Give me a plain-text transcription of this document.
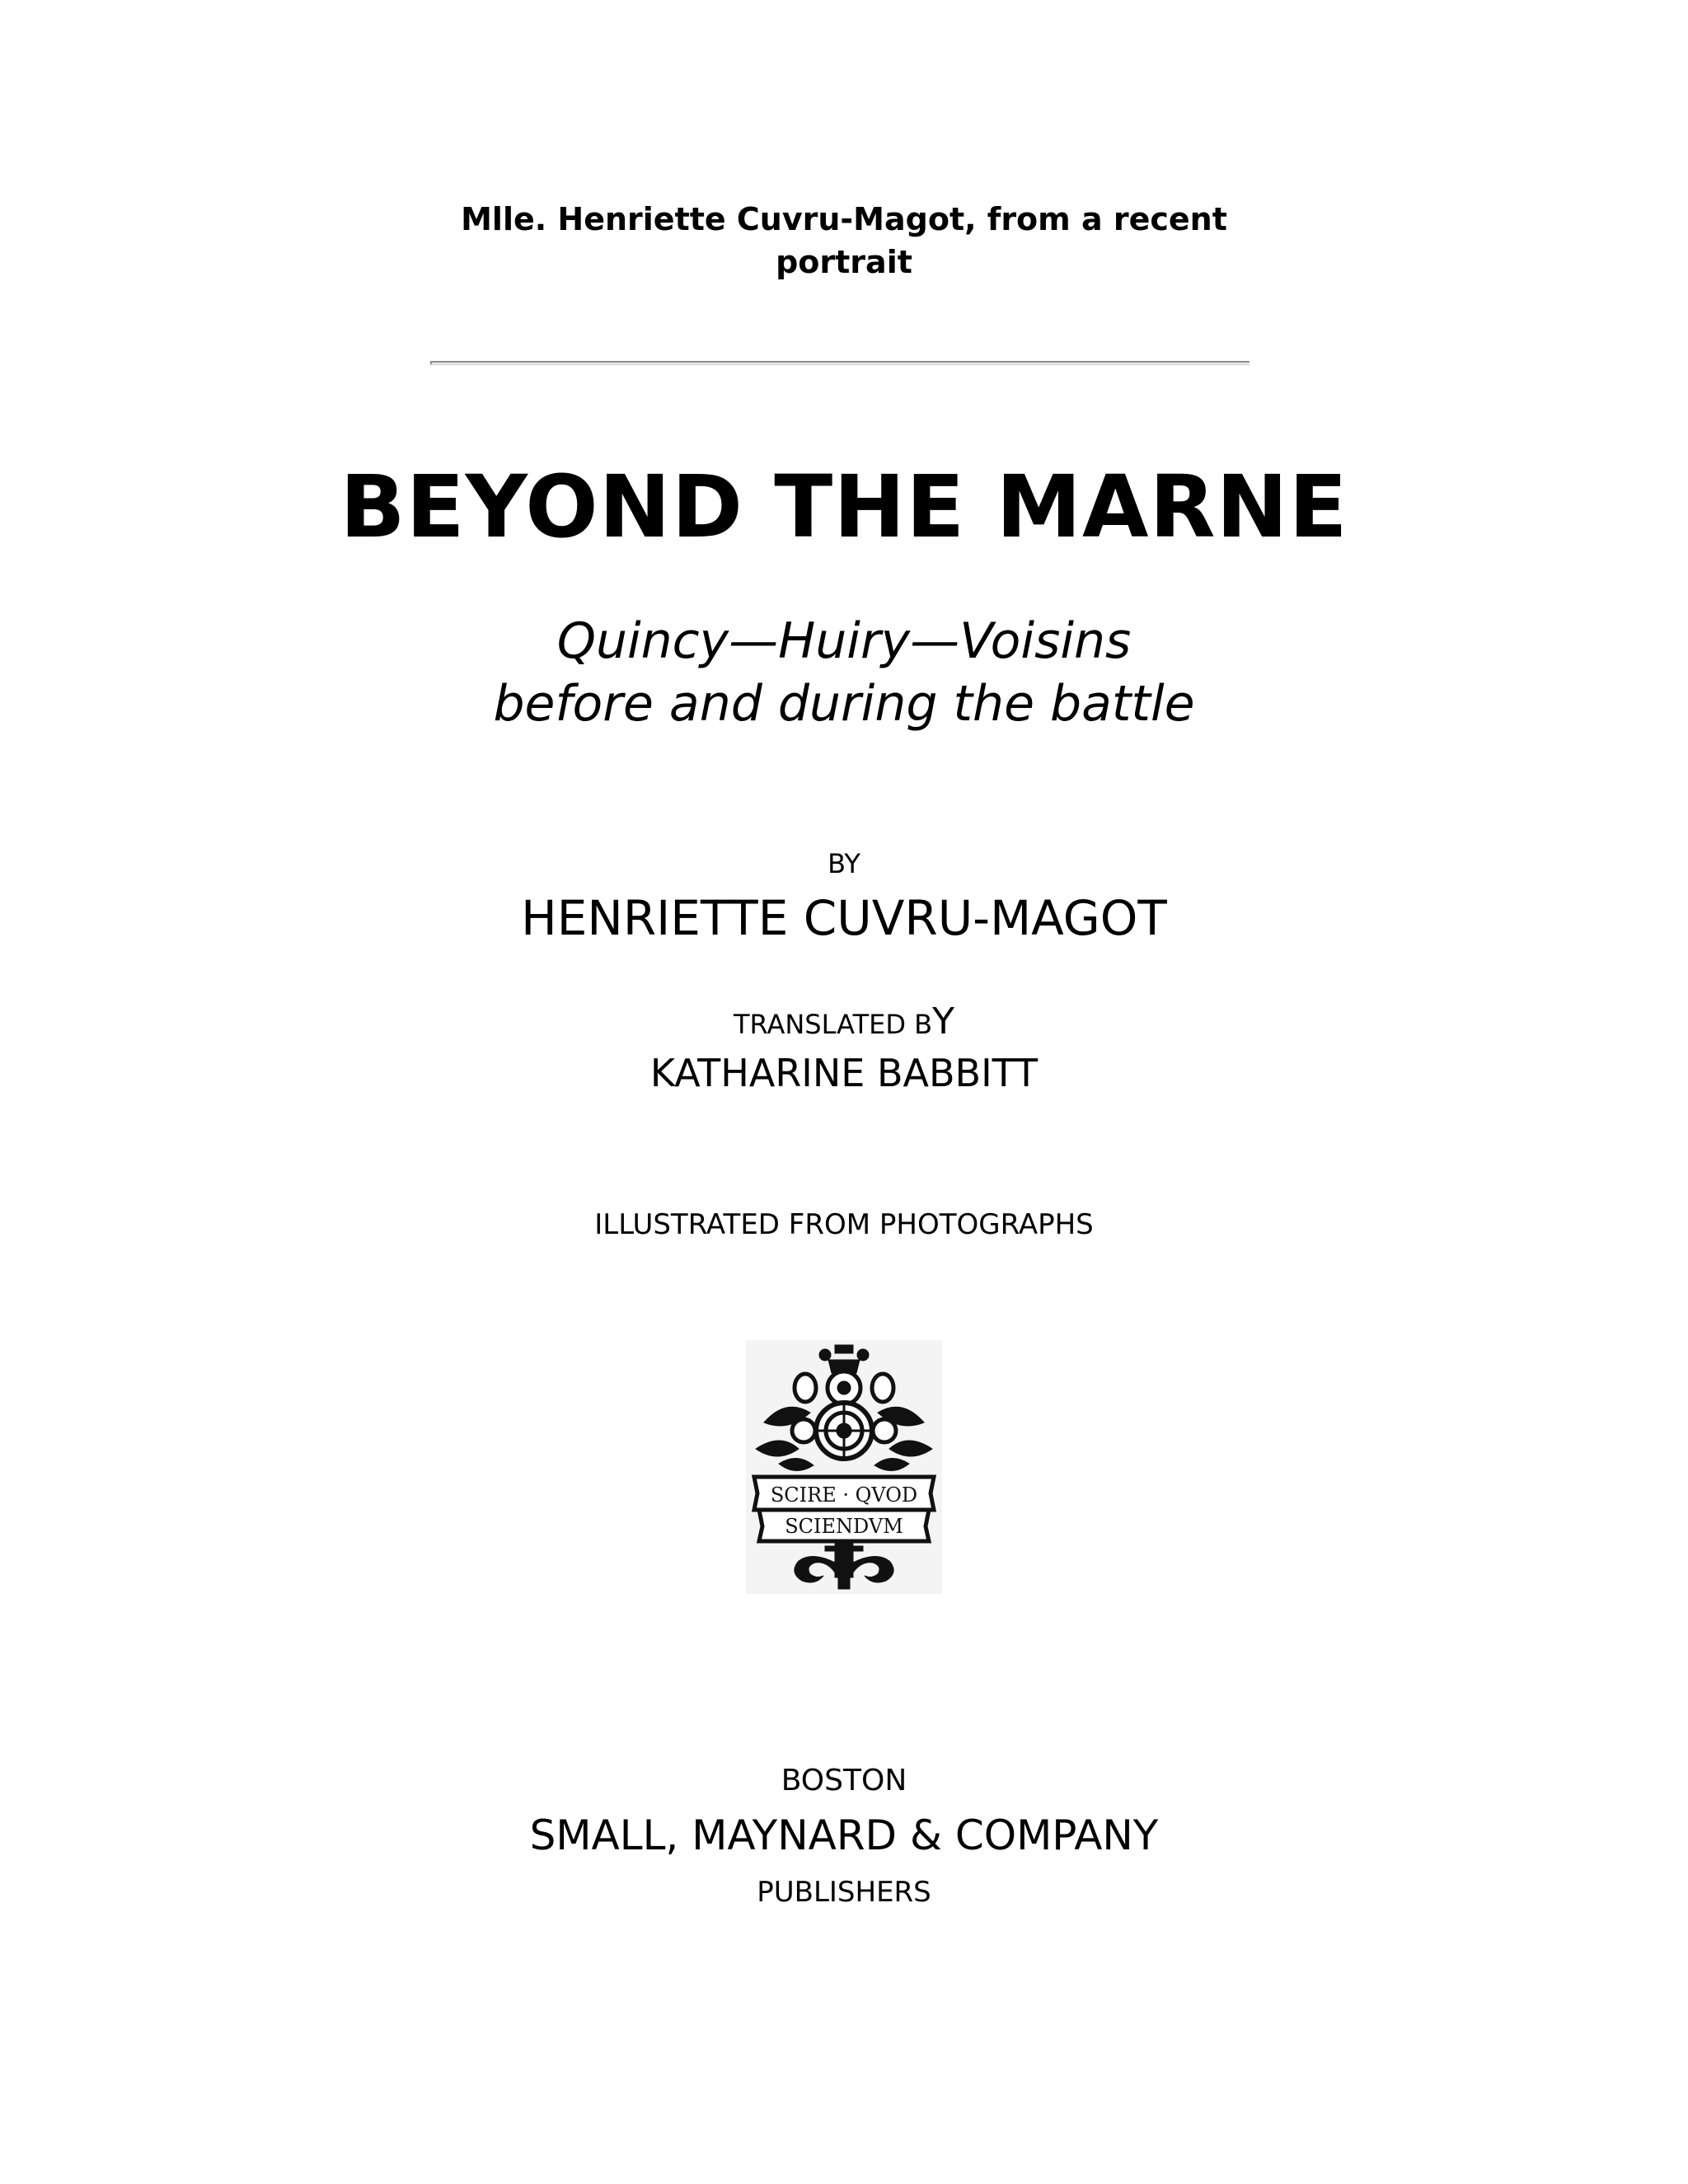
Mlle. Henriette Cuvru-Magot, from a recent
portrait
BEYOND THE MARNE
Quincy—Huiry—Voisins
before and during the battle
BY
HENRIETTE CUVRU-MAGOT
TRANSLATED BY
KATHARINE BABBITT
ILLUSTRATED FROM PHOTOGRAPHS
SCIRE · QVOD
SCIENDVM
BOSTON
SMALL, MAYNARD & COMPANY
PUBLISHERS
